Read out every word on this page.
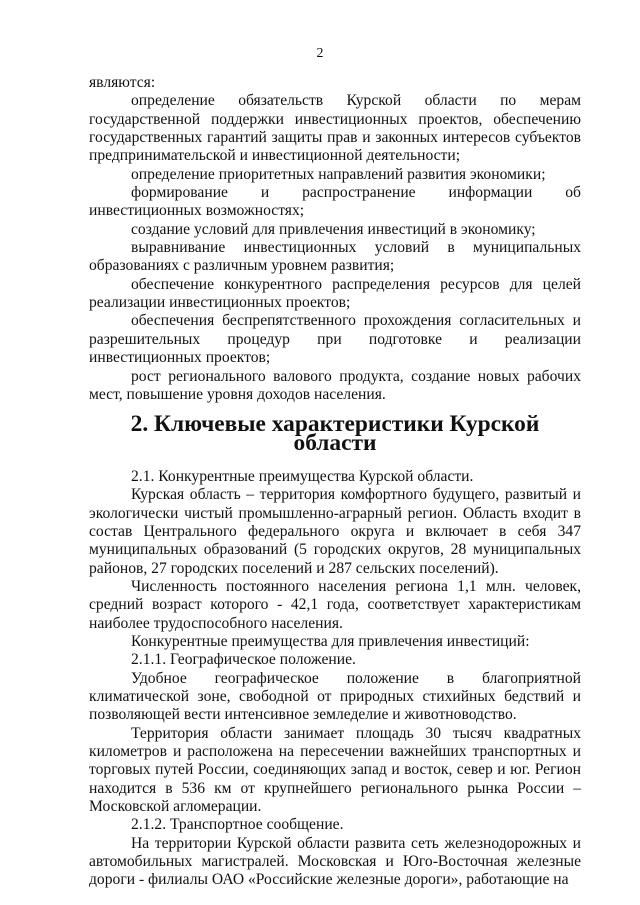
2

являются:

определение обязательств Курской области по мерам государственной поддержки инвестиционных проектов, обеспечению государственных гарантий защиты прав и законных интересов субъектов предпринимательской и инвестиционной деятельности;

определение приоритетных направлений развития экономики;

формирование и распространение информации об инвестиционных возможностях;

создание условий для привлечения инвестиций в экономику;

выравнивание инвестиционных условий в муниципальных образованиях с различным уровнем развития;

обеспечение конкурентного распределения ресурсов для целей реализации инвестиционных проектов;

обеспечения беспрепятственного прохождения согласительных и разрешительных процедур при подготовке и реализации инвестиционных проектов;

рост регионального валового продукта, создание новых рабочих мест, повышение уровня доходов населения.

2. Ключевые характеристики Курской области

2.1. Конкурентные преимущества Курской области.

Курская область – территория комфортного будущего, развитый и экологически чистый промышленно-аграрный регион. Область входит в состав Центрального федерального округа и включает в себя 347 муниципальных образований (5 городских округов, 28 муниципальных районов, 27 городских поселений и 287 сельских поселений).

Численность постоянного населения региона 1,1 млн. человек, средний возраст которого - 42,1 года, соответствует характеристикам наиболее трудоспособного населения.

Конкурентные преимущества для привлечения инвестиций:

2.1.1. Географическое положение.

Удобное географическое положение в благоприятной климатической зоне, свободной от природных стихийных бедствий и позволяющей вести интенсивное земледелие и животноводство.

Территория области занимает площадь 30 тысяч квадратных километров и расположена на пересечении важнейших транспортных и торговых путей России, соединяющих запад и восток, север и юг. Регион находится в 536 км от крупнейшего регионального рынка России – Московской агломерации.

2.1.2. Транспортное сообщение.

На территории Курской области развита сеть железнодорожных и автомобильных магистралей. Московская и Юго-Восточная железные дороги - филиалы ОАО «Российские железные дороги», работающие на
